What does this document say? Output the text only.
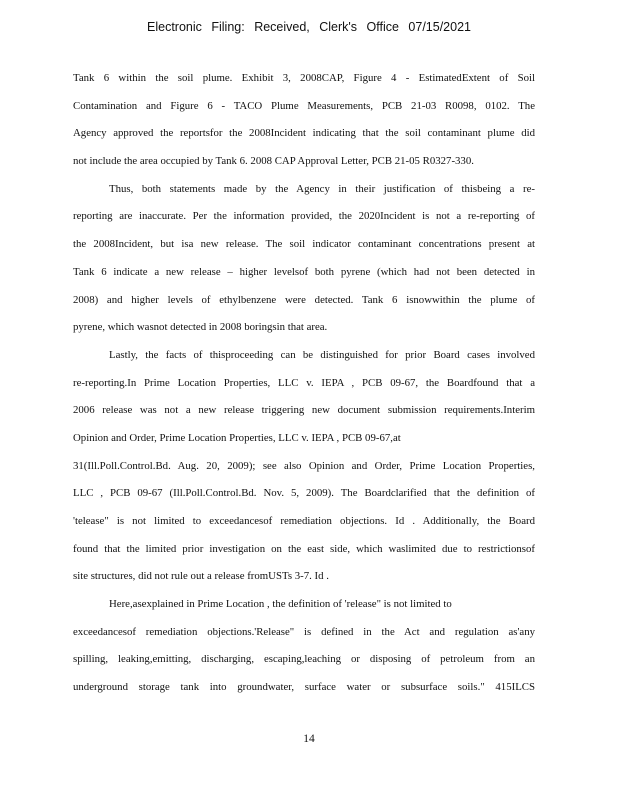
Electronic Filing: Received, Clerk's Office 07/15/2021
Tank 6 within the soil plume. Exhibit 3, 2008CAP, Figure 4 - EstimatedExtent of Soil
Contamination and Figure 6 - TACO Plume Measurements, PCB 21-03 R0098, 0102. The
Agency approved the reportsfor the 2008Incident indicating that the soil contaminant plume did
not include the area occupied by Tank 6. 2008 CAP Approval Letter, PCB 21-05 R0327-330.
Thus, both statements made by the Agency in their justification of thisbeing a re-
reporting are inaccurate. Per the information provided, the 2020Incident is not a re-reporting of
the 2008Incident, but isa new release. The soil indicator contaminant concentrations present at
Tank 6 indicate a new release – higher levelsof both pyrene (which had not been detected in
2008) and higher levels of ethylbenzene were detected. Tank 6 isnowwithin the plume of
pyrene, which wasnot detected in 2008 boringsin that area.
Lastly, the facts of thisproceeding can be distinguished for prior Board cases involved
re-reporting.In Prime Location Properties, LLC v. IEPA , PCB 09-67, the Boardfound that a
2006 release was not a new release triggering new document submission requirements.Interim
Opinion and Order, Prime Location Properties, LLC v. IEPA , PCB 09-67,at
31(Ill.Poll.Control.Bd. Aug. 20, 2009); see also Opinion and Order, Prime Location Properties,
LLC , PCB 09-67 (Ill.Poll.Control.Bd. Nov. 5, 2009). The Boardclarified that the definition of
'telease" is not limited to exceedancesof remediation objections. Id . Additionally, the Board
found that the limited prior investigation on the east side, which waslimited due to restrictionsof
site structures, did not rule out a release fromUSTs 3-7. Id .
Here,asexplained in Prime Location , the definition of 'release" is not limited to
exceedancesof remediation objections.'Release" is defined in the Act and regulation as'any
spilling, leaking,emitting, discharging, escaping,leaching or disposing of petroleum from an
underground storage tank into groundwater, surface water or subsurface soils." 415ILCS
14
